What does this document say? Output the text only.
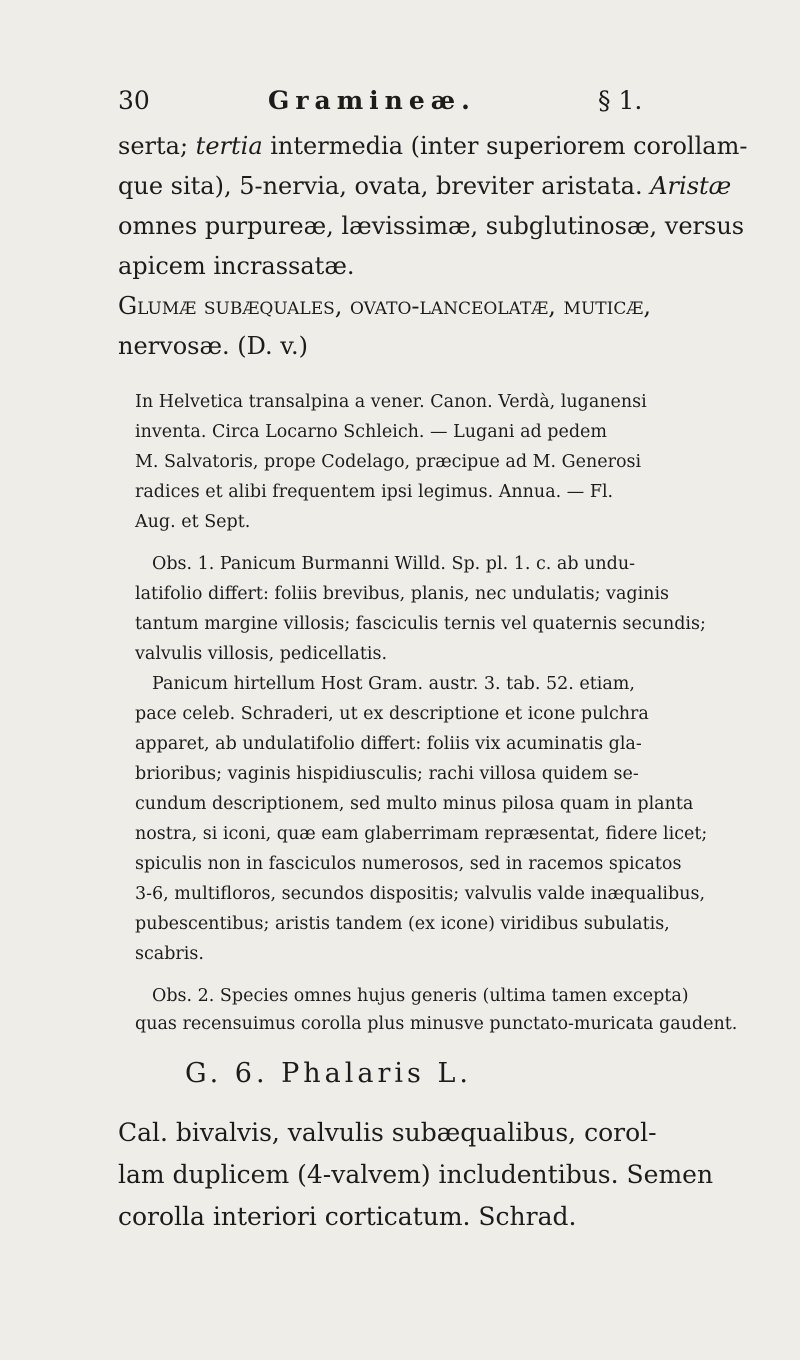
30	Gramineæ.	§ 1.
serta; tertia intermedia (inter superiorem corollam-
que sita), 5-nervia, ovata, breviter aristata. Aristæ
omnes purpureæ, lævissimæ, subglutinosæ, versus
apicem incrassatæ.
Glumæ subæquales, ovato-lanceolatæ, muticæ,
nervosæ. (D. v.)
In Helvetica transalpina a vener. Canon. Verdà, luganensi
inventa. Circa Locarno Schleich. — Lugani ad pedem
M. Salvatoris, prope Codelago, præcipue ad M. Generosi
radices et alibi frequentem ipsi legimus. Annua. — Fl.
Aug. et Sept.
Obs. 1. Panicum Burmanni Willd. Sp. pl. 1. c. ab undu-
latifolio differt: foliis brevibus, planis, nec undulatis; vaginis
tantum margine villosis; fasciculis ternis vel quaternis secundis;
valvulis villosis, pedicellatis.
Panicum hirtellum Host Gram. austr. 3. tab. 52. etiam,
pace celeb. Schraderi, ut ex descriptione et icone pulchra
apparet, ab undulatifolio differt: foliis vix acuminatis gla-
brioribus; vaginis hispidiusculis; rachi villosa quidem se-
cundum descriptionem, sed multo minus pilosa quam in planta
nostra, si iconi, quæ eam glaberrimam repræsentat, fidere licet;
spiculis non in fasciculos numerosos, sed in racemos spicatos
3-6, multifloros, secundos dispositis; valvulis valde inæqualibus,
pubescentibus; aristis tandem (ex icone) viridibus subulatis,
scabris.
Obs. 2. Species omnes hujus generis (ultima tamen excepta)
quas recensuimus corolla plus minusve punctato-muricata gaudent.
G. 6. Phalaris L.
Cal. bivalvis, valvulis subæqualibus, corol-
lam duplicem (4-valvem) includentibus. Semen
corolla interiori corticatum. Schrad.
